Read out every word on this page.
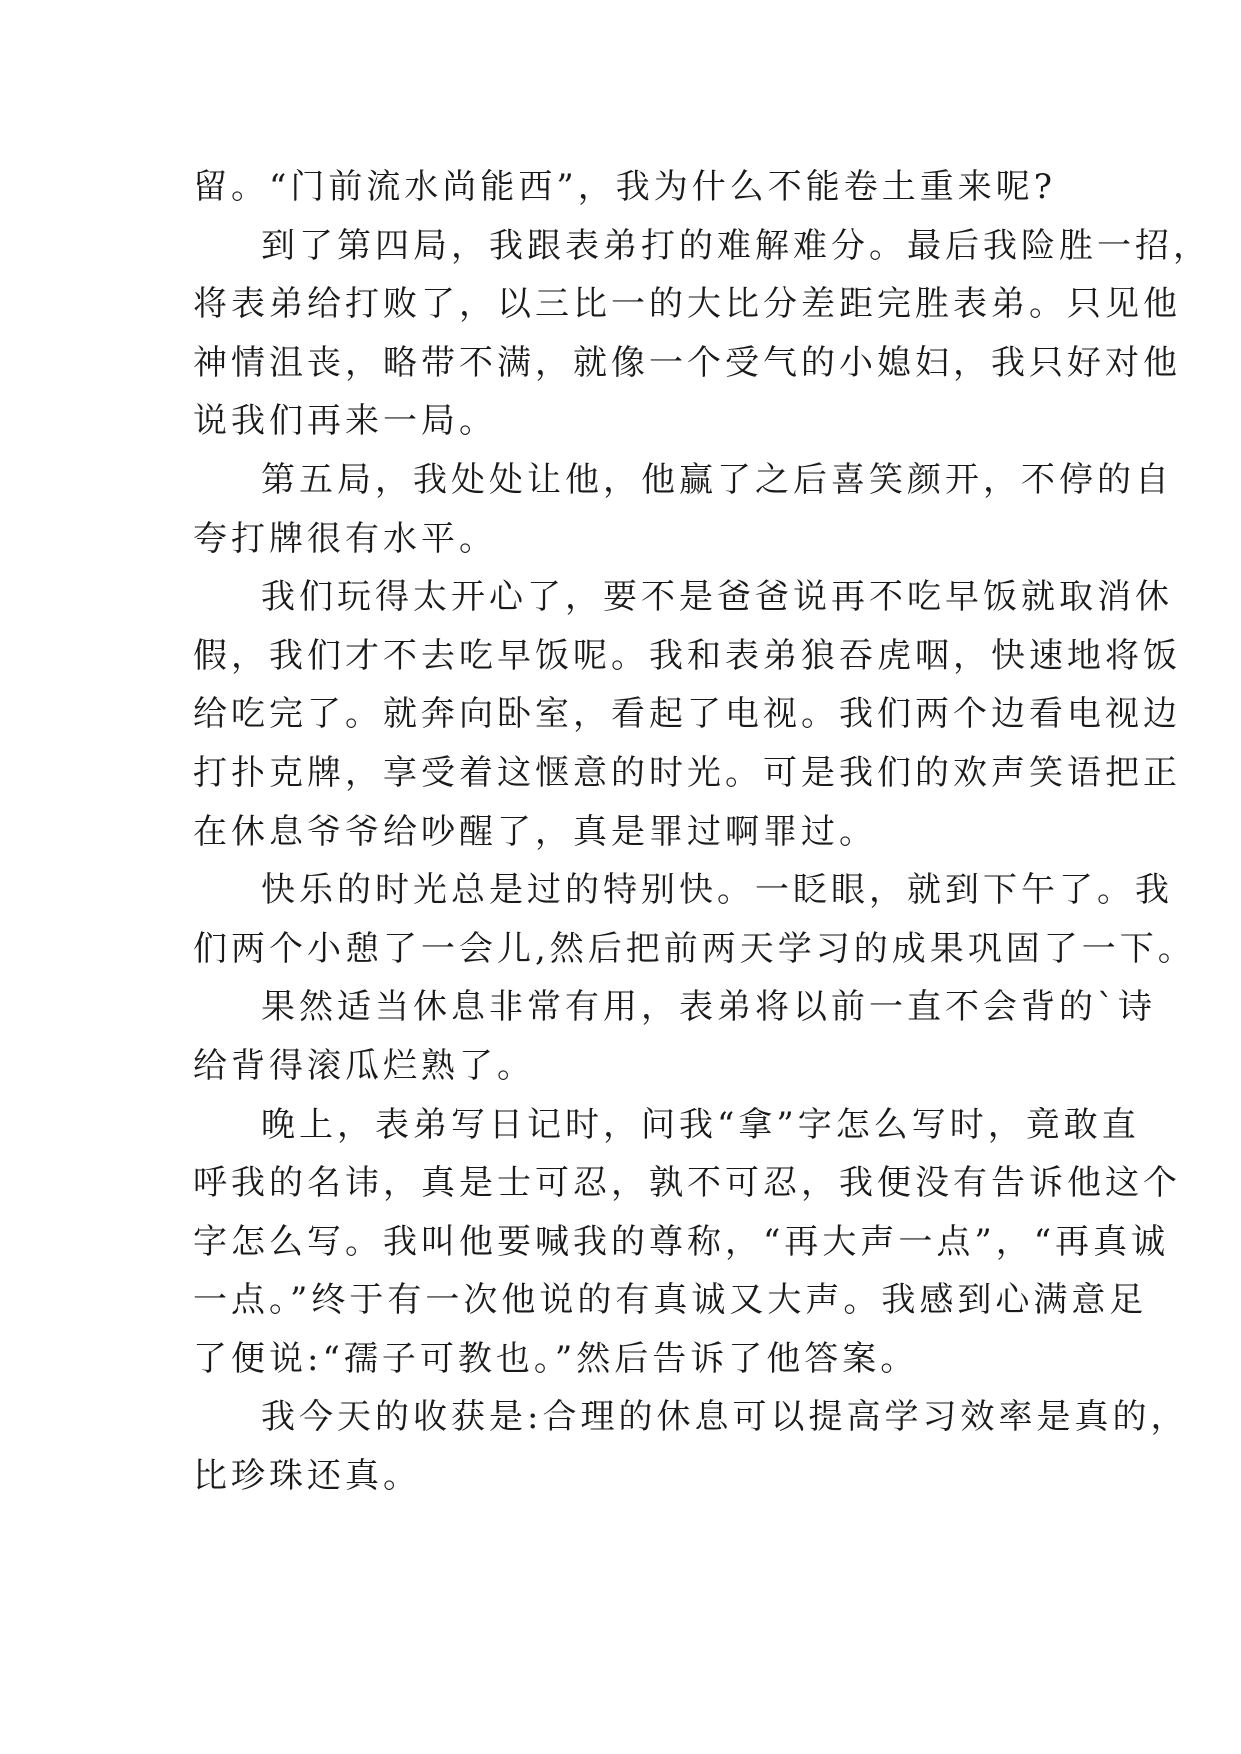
留。“门前流水尚能西”，我为什么不能卷土重来呢?
到了第四局，我跟表弟打的难解难分。最后我险胜一招，
将表弟给打败了，以三比一的大比分差距完胜表弟。只见他
神情沮丧，略带不满，就像一个受气的小媳妇，我只好对他
说我们再来一局。
第五局，我处处让他，他赢了之后喜笑颜开，不停的自
夸打牌很有水平。
我们玩得太开心了，要不是爸爸说再不吃早饭就取消休
假，我们才不去吃早饭呢。我和表弟狼吞虎咽，快速地将饭
给吃完了。就奔向卧室，看起了电视。我们两个边看电视边
打扑克牌，享受着这惬意的时光。可是我们的欢声笑语把正
在休息爷爷给吵醒了，真是罪过啊罪过。
快乐的时光总是过的特别快。一眨眼，就到下午了。我
们两个小憩了一会儿,然后把前两天学习的成果巩固了一下。
果然适当休息非常有用，表弟将以前一直不会背的`诗
给背得滚瓜烂熟了。
晚上，表弟写日记时，问我“拿”字怎么写时，竟敢直
呼我的名讳，真是士可忍，孰不可忍，我便没有告诉他这个
字怎么写。我叫他要喊我的尊称，“再大声一点”，“再真诚
一点。”终于有一次他说的有真诚又大声。我感到心满意足
了便说:“孺子可教也。”然后告诉了他答案。
我今天的收获是:合理的休息可以提高学习效率是真的，
比珍珠还真。
